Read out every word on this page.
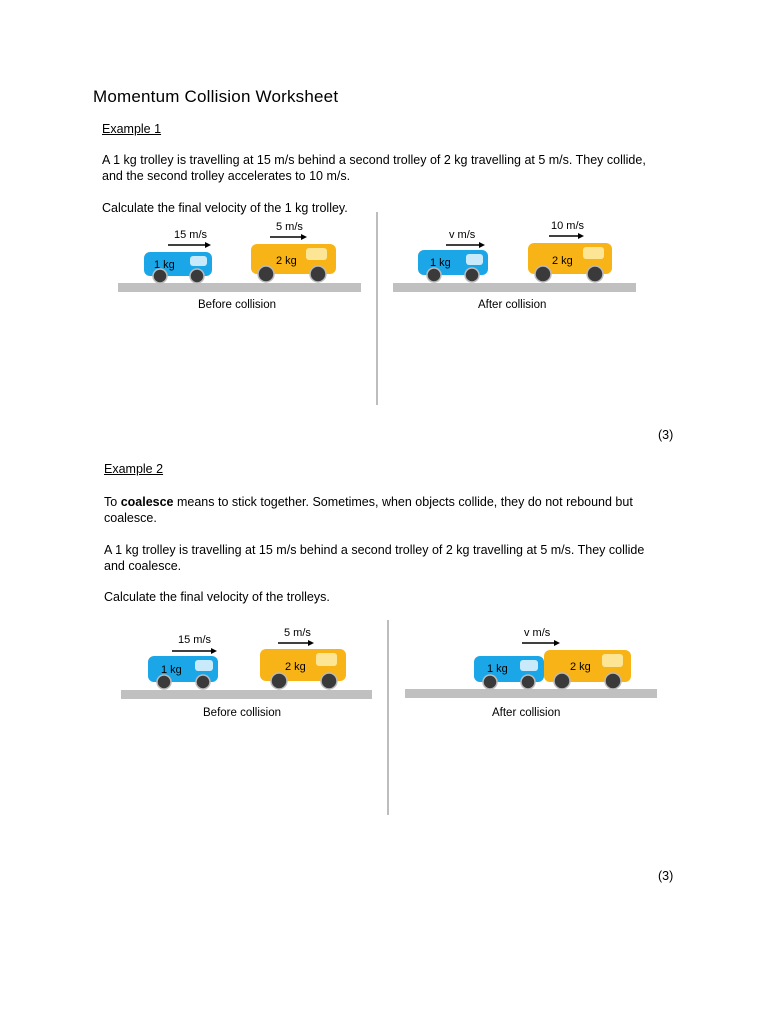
Momentum Collision Worksheet
Example 1
A 1 kg trolley is travelling at 15 m/s behind a second trolley of 2 kg travelling at 5 m/s. They collide,
and the second trolley accelerates to 10 m/s.
Calculate the final velocity of the 1 kg trolley.
1 kg	2 kg
15 m/s
5 m/s
Before collision
1 kg	2 kg
v m/s
10 m/s
After collision
(3)
Example 2
To coalesce means to stick together. Sometimes, when objects collide, they do not rebound but
coalesce.
A 1 kg trolley is travelling at 15 m/s behind a second trolley of 2 kg travelling at 5 m/s. They collide
and coalesce.
Calculate the final velocity of the trolleys.
1 kg	2 kg
15 m/s
5 m/s
Before collision
1 kg	2 kg
v m/s
After collision
(3)
